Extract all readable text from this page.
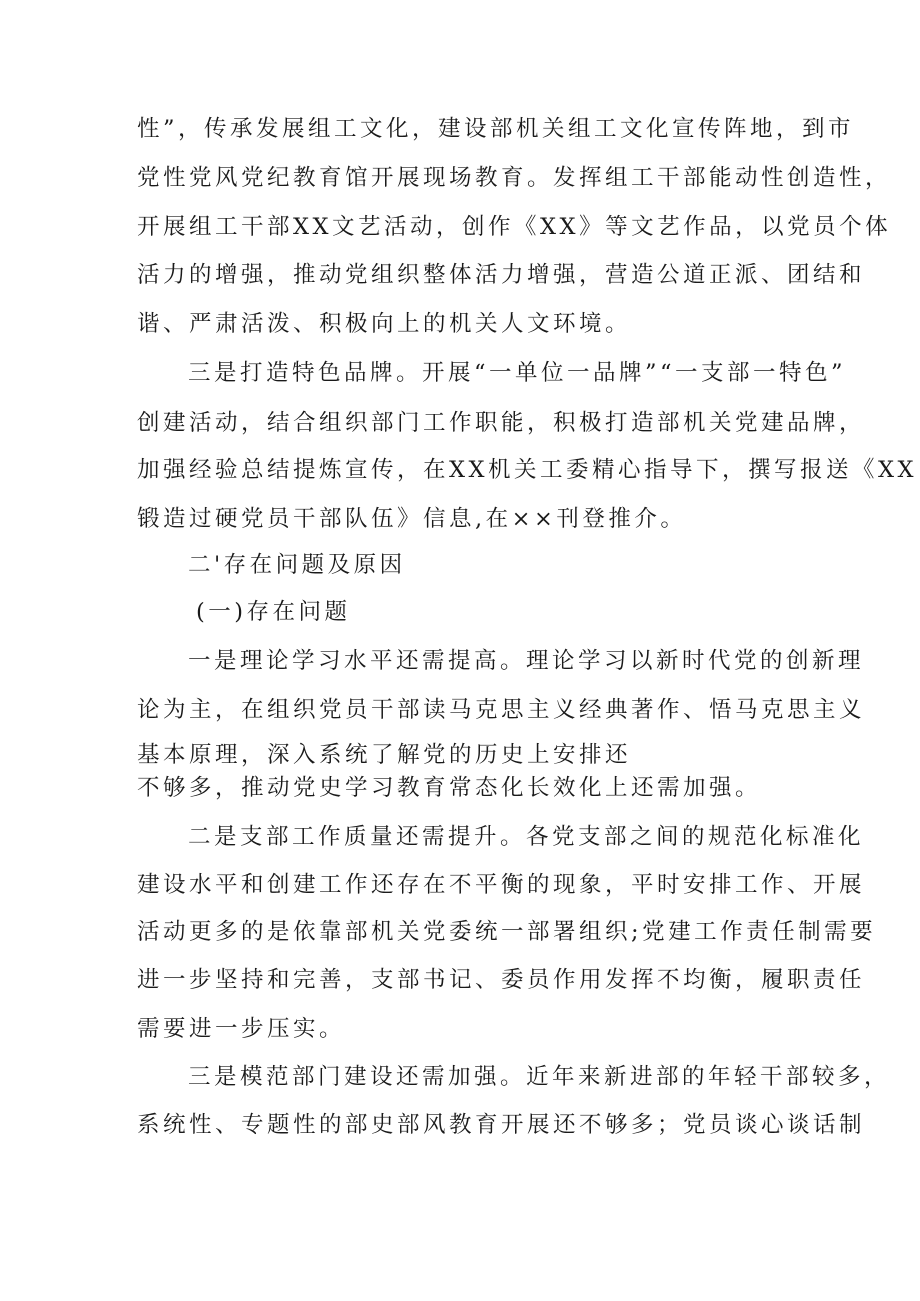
性”，传承发展组工文化，建设部机关组工文化宣传阵地，到市
党性党风党纪教育馆开展现场教育。发挥组工干部能动性创造性，
开展组工干部XX文艺活动，创作《XX》等文艺作品，以党员个体
活力的增强，推动党组织整体活力增强，营造公道正派、团结和
谐、严肃活泼、积极向上的机关人文环境。
三是打造特色品牌。开展“一单位一品牌”“一支部一特色”
创建活动，结合组织部门工作职能，积极打造部机关党建品牌，
加强经验总结提炼宣传，在XX机关工委精心指导下，撰写报送《XX
锻造过硬党员干部队伍》信息,在××刊登推介。
二'存在问题及原因
(一)存在问题
一是理论学习水平还需提高。理论学习以新时代党的创新理
论为主，在组织党员干部读马克思主义经典著作、悟马克思主义
基本原理，深入系统了解党的历史上安排还
不够多，推动党史学习教育常态化长效化上还需加强。
二是支部工作质量还需提升。各党支部之间的规范化标准化
建设水平和创建工作还存在不平衡的现象，平时安排工作、开展
活动更多的是依靠部机关党委统一部署组织;党建工作责任制需要
进一步坚持和完善，支部书记、委员作用发挥不均衡，履职责任
需要进一步压实。
三是模范部门建设还需加强。近年来新进部的年轻干部较多，
系统性、专题性的部史部风教育开展还不够多；党员谈心谈话制
